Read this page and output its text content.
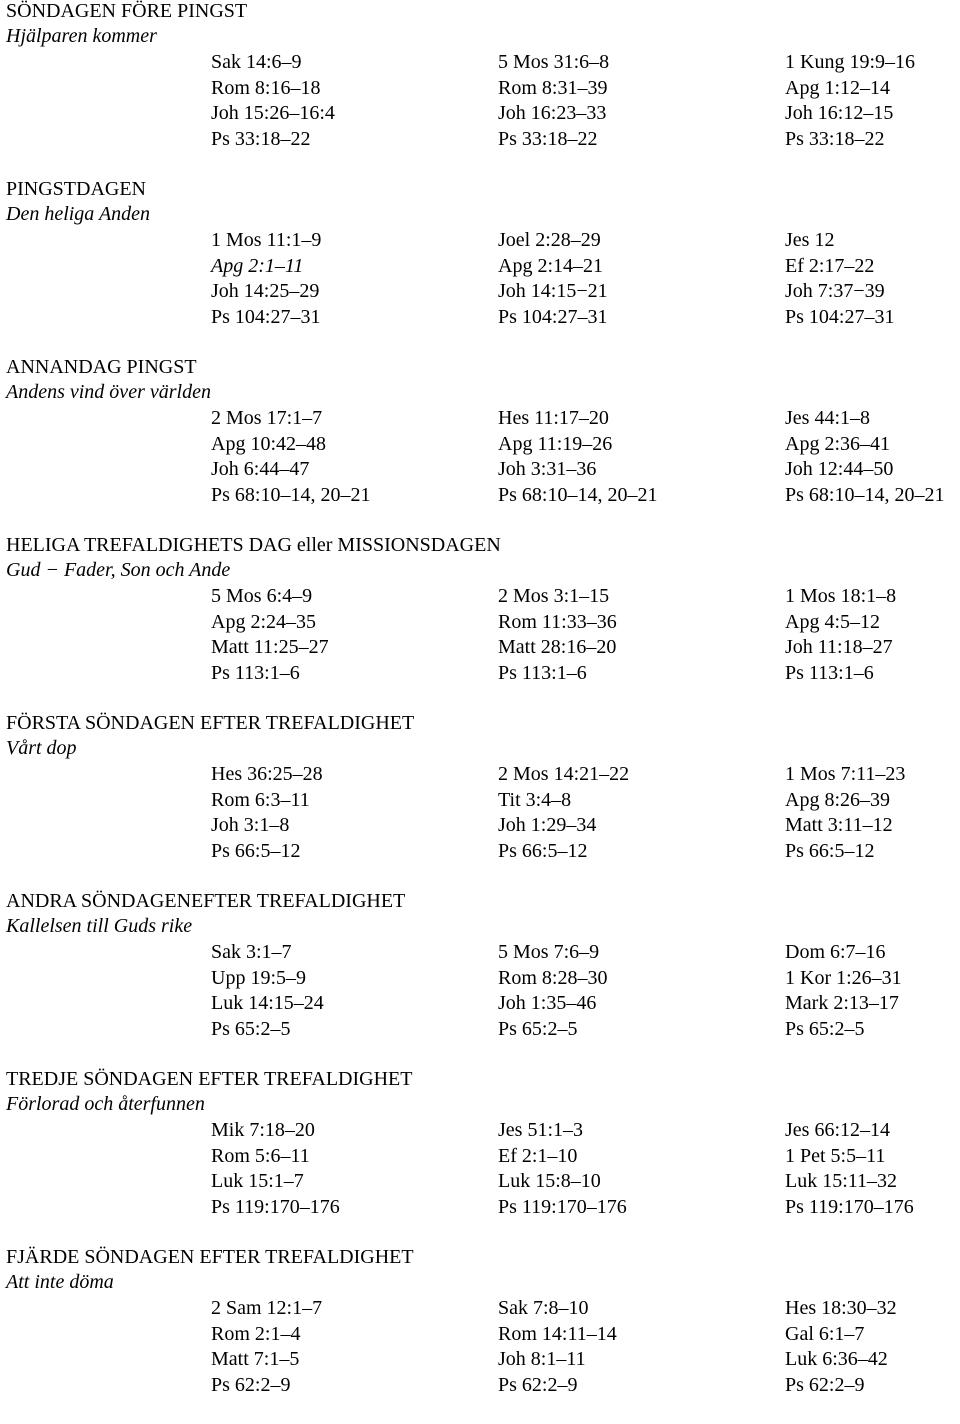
SÖNDAGEN FÖRE PINGST
Hjälparen kommer
Sak 14:6–9
Rom 8:16–18
Joh 15:26–16:4
Ps 33:18–22
5 Mos 31:6–8
Rom 8:31–39
Joh 16:23–33
Ps 33:18–22
1 Kung 19:9–16
Apg 1:12–14
Joh 16:12–15
Ps 33:18–22
PINGSTDAGEN
Den heliga Anden
1 Mos 11:1–9
Apg 2:1–11
Joh 14:25–29
Ps 104:27–31
Joel 2:28–29
Apg 2:14–21
Joh 14:15−21
Ps 104:27–31
Jes 12
Ef 2:17–22
Joh 7:37−39
Ps 104:27–31
ANNANDAG PINGST
Andens vind över världen
2 Mos 17:1–7
Apg 10:42–48
Joh 6:44–47
Ps 68:10–14, 20–21
Hes 11:17–20
Apg 11:19–26
Joh 3:31–36
Ps 68:10–14, 20–21
Jes 44:1–8
Apg 2:36–41
Joh 12:44–50
Ps 68:10–14, 20–21
HELIGA TREFALDIGHETS DAG eller MISSIONSDAGEN
Gud − Fader, Son och Ande
5 Mos 6:4–9
Apg 2:24–35
Matt 11:25–27
Ps 113:1–6
2 Mos 3:1–15
Rom 11:33–36
Matt 28:16–20
Ps 113:1–6
1 Mos 18:1–8
Apg 4:5–12
Joh 11:18–27
Ps 113:1–6
FÖRSTA SÖNDAGEN EFTER TREFALDIGHET
Vårt dop
Hes 36:25–28
Rom 6:3–11
Joh 3:1–8
Ps 66:5–12
2 Mos 14:21–22
Tit 3:4–8
Joh 1:29–34
Ps 66:5–12
1 Mos 7:11–23
Apg 8:26–39
Matt 3:11–12
Ps 66:5–12
ANDRA SÖNDAGENEFTER TREFALDIGHET
Kallelsen till Guds rike
Sak 3:1–7
Upp 19:5–9
Luk 14:15–24
Ps 65:2–5
5 Mos 7:6–9
Rom 8:28–30
Joh 1:35–46
Ps 65:2–5
Dom 6:7–16
1 Kor 1:26–31
Mark 2:13–17
Ps 65:2–5
TREDJE SÖNDAGEN EFTER TREFALDIGHET
Förlorad och återfunnen
Mik 7:18–20
Rom 5:6–11
Luk 15:1–7
Ps 119:170–176
Jes 51:1–3
Ef 2:1–10
Luk 15:8–10
Ps 119:170–176
Jes 66:12–14
1 Pet 5:5–11
Luk 15:11–32
Ps 119:170–176
FJÄRDE SÖNDAGEN EFTER TREFALDIGHET
Att inte döma
2 Sam 12:1–7
Rom 2:1–4
Matt 7:1–5
Ps 62:2–9
Sak 7:8–10
Rom 14:11–14
Joh 8:1–11
Ps 62:2–9
Hes 18:30–32
Gal 6:1–7
Luk 6:36–42
Ps 62:2–9
